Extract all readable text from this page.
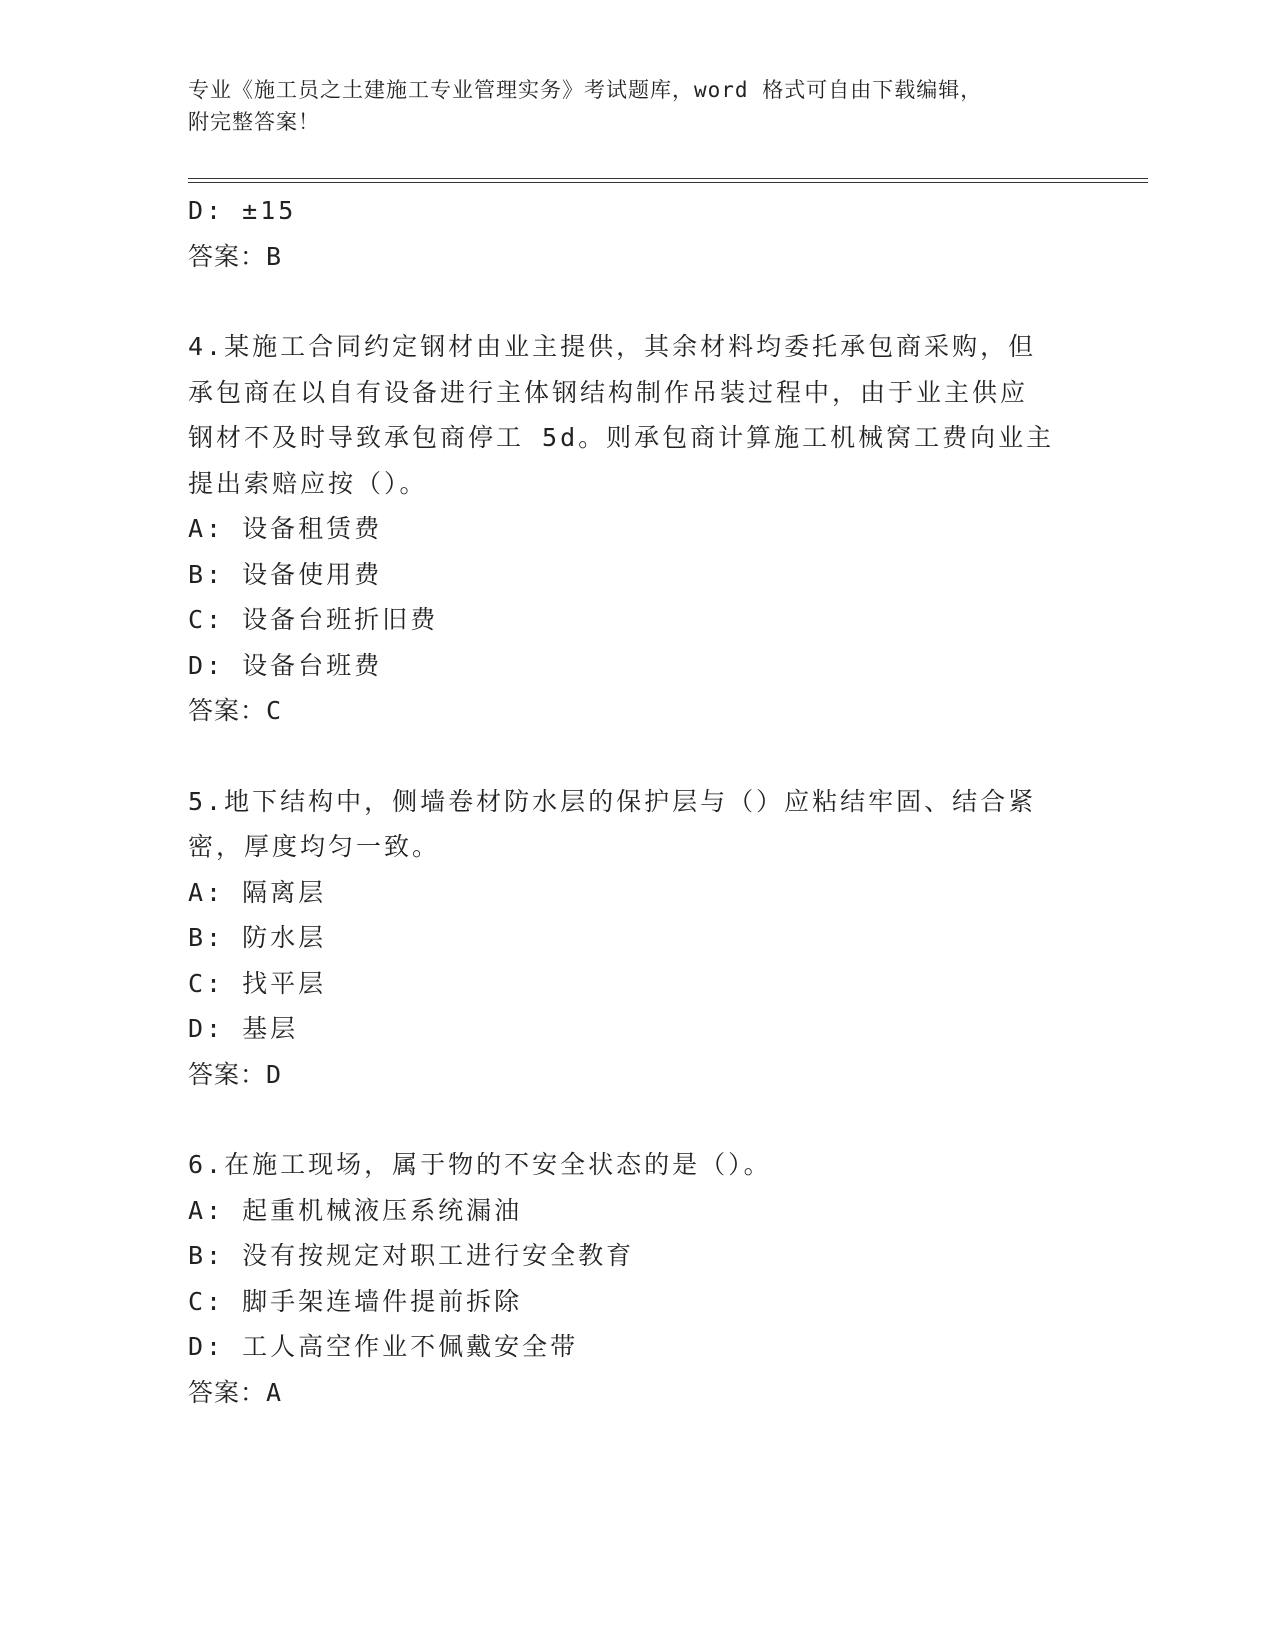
专业《施工员之土建施工专业管理实务》考试题库，word 格式可自由下载编辑，
附完整答案！
D: ±15
答案：B
4.某施工合同约定钢材由业主提供，其余材料均委托承包商采购，但
承包商在以自有设备进行主体钢结构制作吊装过程中，由于业主供应
钢材不及时导致承包商停工 5d。则承包商计算施工机械窝工费向业主
提出索赔应按（）。
A: 设备租赁费
B: 设备使用费
C: 设备台班折旧费
D: 设备台班费
答案：C
5.地下结构中，侧墙卷材防水层的保护层与（）应粘结牢固、结合紧
密，厚度均匀一致。
A: 隔离层
B: 防水层
C: 找平层
D: 基层
答案：D
6.在施工现场，属于物的不安全状态的是（）。
A: 起重机械液压系统漏油
B: 没有按规定对职工进行安全教育
C: 脚手架连墙件提前拆除
D: 工人高空作业不佩戴安全带
答案：A
